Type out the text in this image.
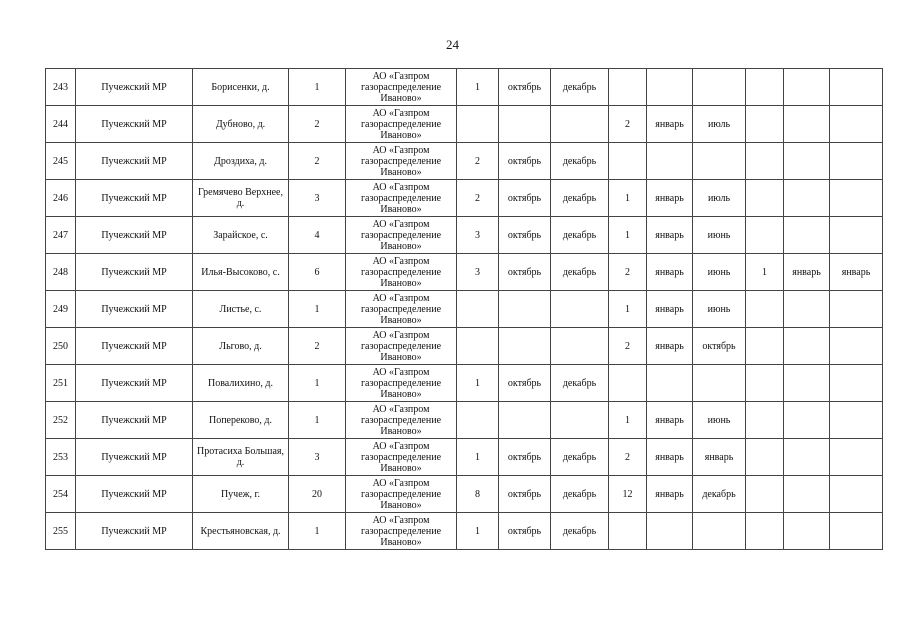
24
243	Пучежский МР	Борисенки, д.	1	АО «Газпром газораспределение Иваново»	1	октябрь	декабрь						
244	Пучежский МР	Дубново, д.	2	АО «Газпром газораспределение Иваново»				2	январь	июль			
245	Пучежский МР	Дроздиха, д.	2	АО «Газпром газораспределение Иваново»	2	октябрь	декабрь						
246	Пучежский МР	Гремячево Верхнее, д.	3	АО «Газпром газораспределение Иваново»	2	октябрь	декабрь	1	январь	июль			
247	Пучежский МР	Зарайское, с.	4	АО «Газпром газораспределение Иваново»	3	октябрь	декабрь	1	январь	июнь			
248	Пучежский МР	Илья-Высоково, с.	6	АО «Газпром газораспределение Иваново»	3	октябрь	декабрь	2	январь	июнь	1	январь	январь
249	Пучежский МР	Листье, с.	1	АО «Газпром газораспределение Иваново»				1	январь	июнь			
250	Пучежский МР	Льгово, д.	2	АО «Газпром газораспределение Иваново»				2	январь	октябрь			
251	Пучежский МР	Повалихино, д.	1	АО «Газпром газораспределение Иваново»	1	октябрь	декабрь						
252	Пучежский МР	Попереково, д.	1	АО «Газпром газораспределение Иваново»				1	январь	июнь			
253	Пучежский МР	Протасиха Большая, д.	3	АО «Газпром газораспределение Иваново»	1	октябрь	декабрь	2	январь	январь			
254	Пучежский МР	Пучеж, г.	20	АО «Газпром газораспределение Иваново»	8	октябрь	декабрь	12	январь	декабрь			
255	Пучежский МР	Крестьяновская, д.	1	АО «Газпром газораспределение Иваново»	1	октябрь	декабрь						
